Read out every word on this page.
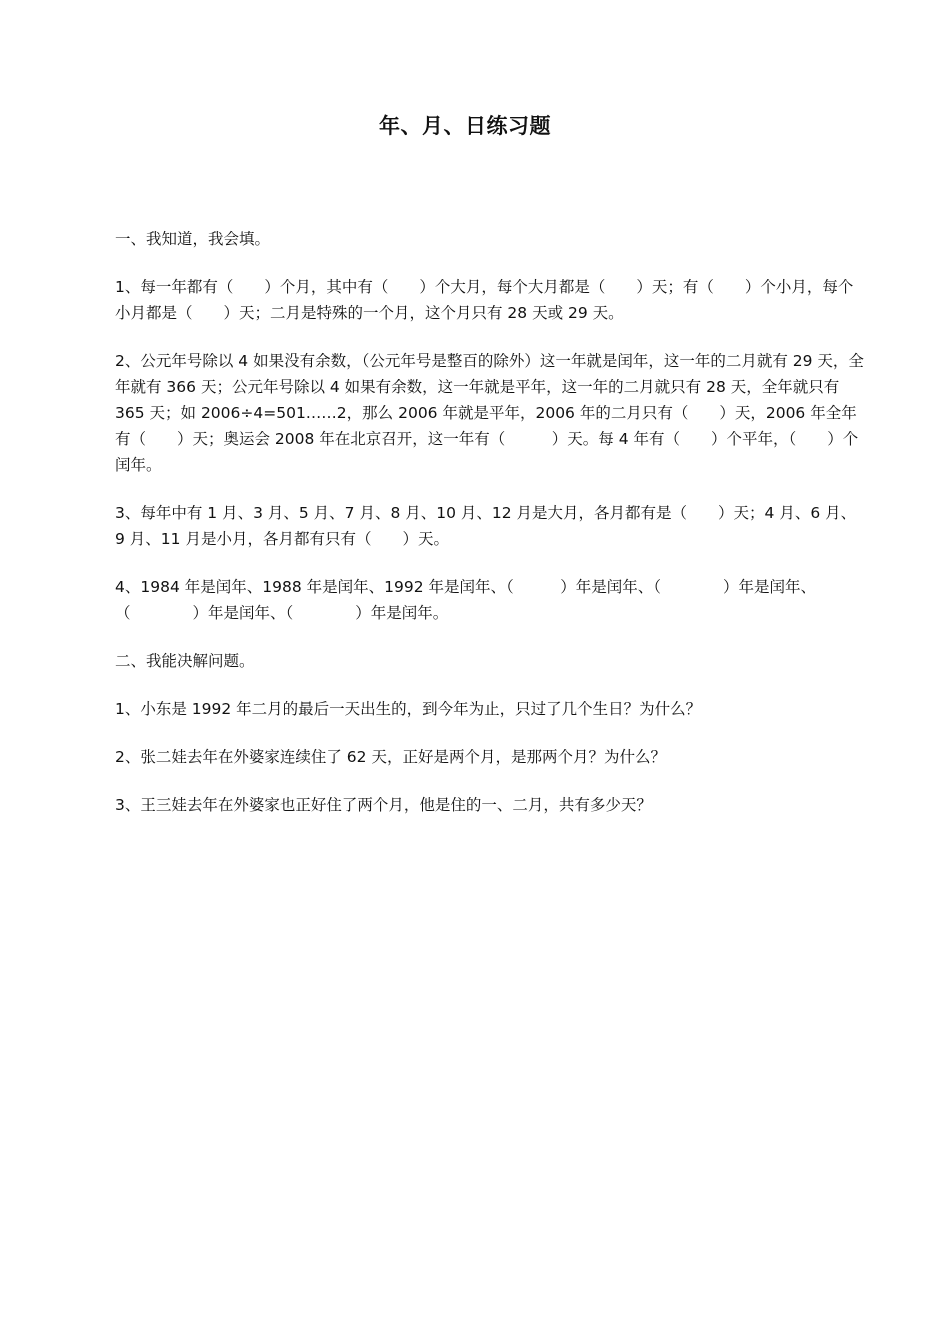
年、月、日练习题

一、我知道，我会填。

1、每一年都有（　　）个月，其中有（　　）个大月，每个大月都是（　　）天；有（　　）个小月，每个小月都是（　　）天；二月是特殊的一个月，这个月只有 28 天或 29 天。

2、公元年号除以 4 如果没有余数，（公元年号是整百的除外）这一年就是闰年，这一年的二月就有 29 天，全年就有 366 天；公元年号除以 4 如果有余数，这一年就是平年，这一年的二月就只有 28 天，全年就只有 365 天；如 2006÷4=501……2，那么 2006 年就是平年，2006 年的二月只有（　　）天，2006 年全年有（　　）天；奥运会 2008 年在北京召开，这一年有（　　　）天。每 4 年有（　　）个平年，（　　）个闰年。

3、每年中有 1 月、3 月、5 月、7 月、8 月、10 月、12 月是大月，各月都有是（　　）天；4 月、6 月、9 月、11 月是小月，各月都有只有（　　）天。

4、1984 年是闰年、1988 年是闰年、1992 年是闰年、（　　　）年是闰年、（　　　　）年是闰年、（　　　　）年是闰年、（　　　　）年是闰年。

二、我能决解问题。

1、小东是 1992 年二月的最后一天出生的，到今年为止，只过了几个生日？为什么？

2、张二娃去年在外婆家连续住了 62 天，正好是两个月，是那两个月？为什么？

3、王三娃去年在外婆家也正好住了两个月，他是住的一、二月，共有多少天？
